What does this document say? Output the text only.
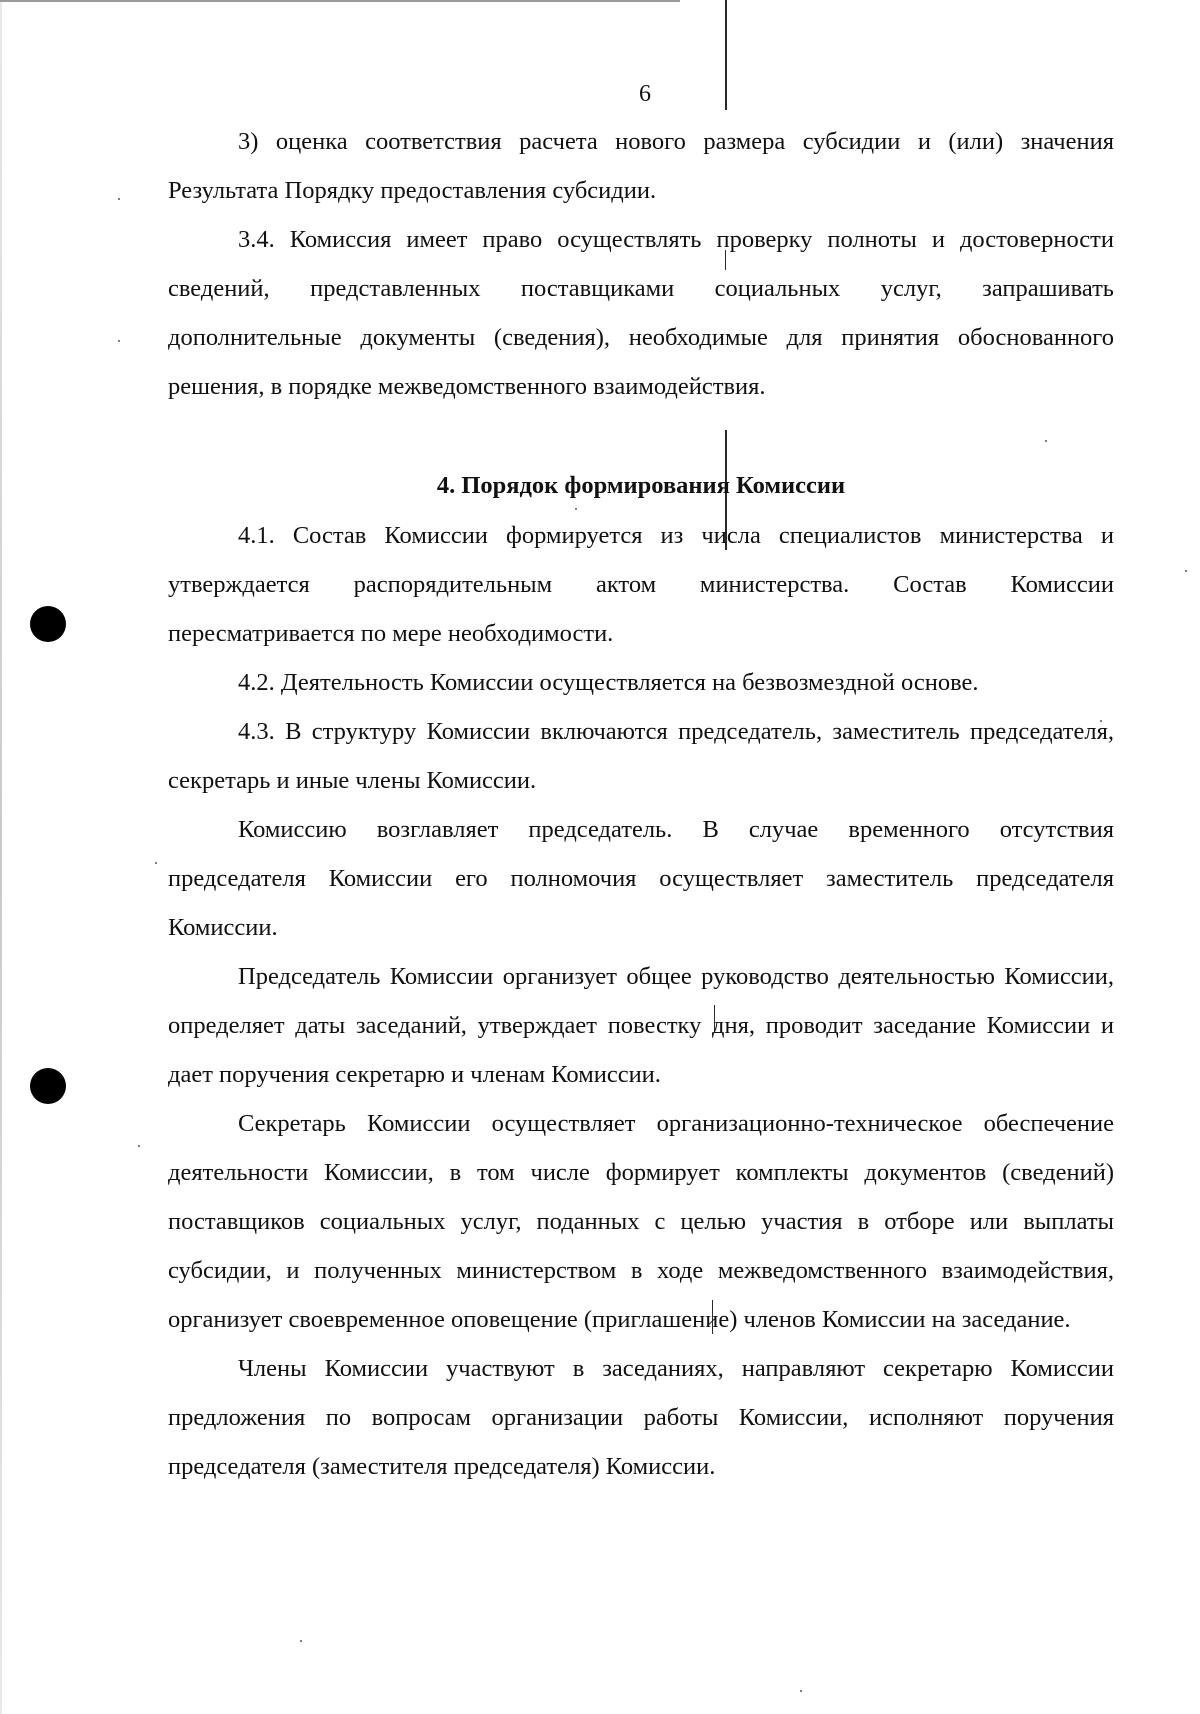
6

3) оценка соответствия расчета нового размера субсидии и (или) значения Результата Порядку предоставления субсидии.

3.4. Комиссия имеет право осуществлять проверку полноты и достоверности сведений, представленных поставщиками социальных услуг, запрашивать дополнительные документы (сведения), необходимые для принятия обоснованного решения, в порядке межведомственного взаимодействия.

4. Порядок формирования Комиссии

4.1. Состав Комиссии формируется из числа специалистов министерства и утверждается распорядительным актом министерства. Состав Комиссии пересматривается по мере необходимости.

4.2. Деятельность Комиссии осуществляется на безвозмездной основе.

4.3. В структуру Комиссии включаются председатель, заместитель председателя, секретарь и иные члены Комиссии.

Комиссию возглавляет председатель. В случае временного отсутствия председателя Комиссии его полномочия осуществляет заместитель председателя Комиссии.

Председатель Комиссии организует общее руководство деятельностью Комиссии, определяет даты заседаний, утверждает повестку дня, проводит заседание Комиссии и дает поручения секретарю и членам Комиссии.

Секретарь Комиссии осуществляет организационно-техническое обеспечение деятельности Комиссии, в том числе формирует комплекты документов (сведений) поставщиков социальных услуг, поданных с целью участия в отборе или выплаты субсидии, и полученных министерством в ходе межведомственного взаимодействия, организует своевременное оповещение (приглашение) членов Комиссии на заседание.

Члены Комиссии участвуют в заседаниях, направляют секретарю Комиссии предложения по вопросам организации работы Комиссии, исполняют поручения председателя (заместителя председателя) Комиссии.
